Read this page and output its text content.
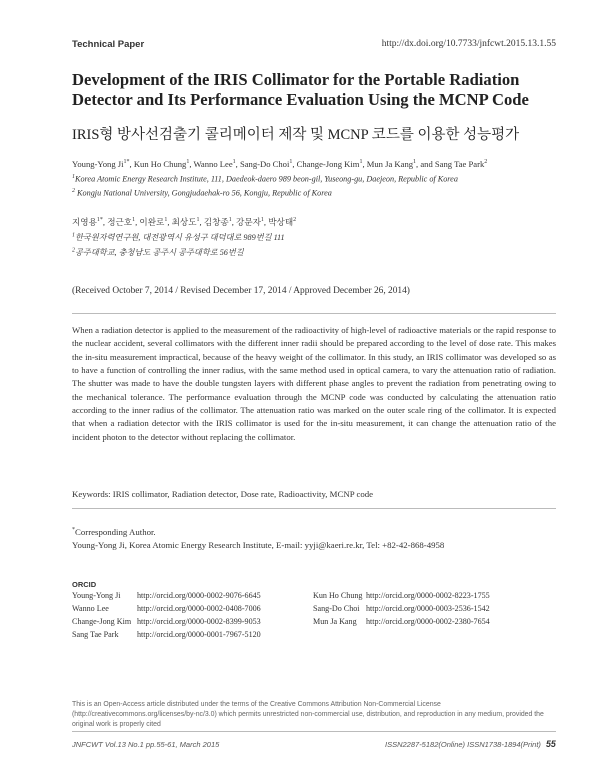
Technical Paper	http://dx.doi.org/10.7733/jnfcwt.2015.13.1.55
Development of the IRIS Collimator for the Portable Radiation
Detector and Its Performance Evaluation Using the MCNP Code
IRIS형 방사선검출기 콜리메이터 제작 및 MCNP 코드를 이용한 성능평가
Young-Yong $Ji^{1*}$, Kun Ho Chung$^1$, Wanno Lee$^1$, Sang-Do Choi$^1$, Change-Jong Kim$^1$, Mun Ja Kang$^1$, and Sang Tae Park$^2$
$^1$Korea Atomic Energy Research Institute, 111, Daedeok-daero 989 beon-gil, Yuseong-gu, Daejeon, Republic of Korea
$^2$ Kongju National University, Gongjudaehak-ro 56, Kongju, Republic of Korea
지영용$^{1*}$, 정근호$^1$, 이완로$^1$, 최상도$^1$, 김창종$^1$, 강문자$^1$, 박상태$^2$
$^1$한국원자력연구원, 대전광역시 유성구 대덕대로 989번길 111
$^2$공주대학교, 충청남도 공주시 공주대학로 56번길
(Received October 7, 2014 / Revised December 17, 2014 / Approved December 26, 2014)
When a radiation detector is applied to the measurement of the radioactivity of high-level of radioactive materials or the rapid response to the nuclear accident, several collimators with the different inner radii should be prepared according to the level of dose rate. This makes the in-situ measurement impractical, because of the heavy weight of the collimator. In this study, an IRIS collimator was developed so as to have a function of controlling the inner radius, with the same method used in optical camera, to vary the attenuation ratio of radiation. The shutter was made to have the double tungsten layers with different phase angles to prevent the radiation from penetrating owing to the mechanical tolerance. The performance evaluation through the MCNP code was conducted by calculating the attenuation ratio according to the inner radius of the collimator. The attenuation ratio was marked on the outer scale ring of the collimator. It is expected that when a radiation detector with the IRIS collimator is used for the in-situ measurement, it can change the attenuation ratio of the incident photon to the detector without replacing the collimator.
Keywords: IRIS collimator, Radiation detector, Dose rate, Radioactivity, MCNP code
*Corresponding Author.
Young-Yong Ji, Korea Atomic Energy Research Institute, E-mail: yyji@kaeri.re.kr, Tel: +82-42-868-4958
ORCID
Young-Yong Ji http://orcid.org/0000-0002-9076-6645
Wanno Lee	http://orcid.org/0000-0002-0408-7006
Change-Jong Kim http://orcid.org/0000-0002-8399-9053
Sang Tae Park http://orcid.org/0000-0001-7967-5120
Kun Ho Chung http://orcid.org/0000-0002-8223-1755
Sang-Do Choi http://orcid.org/0000-0003-2536-1542
Mun Ja Kang http://orcid.org/0000-0002-2380-7654
This is an Open-Access article distributed under the terms of the Creative Commons Attribution Non-Commercial License (http://creativecommons.org/licenses/by-nc/3.0) which permits unrestricted non-commercial use, distribution, and reproduction in any medium, provided the original work is properly cited
JNFCWT Vol.13 No.1 pp.55-61, March 2015	ISSN2287-5182(Online) ISSN1738-1894(Print) 55
